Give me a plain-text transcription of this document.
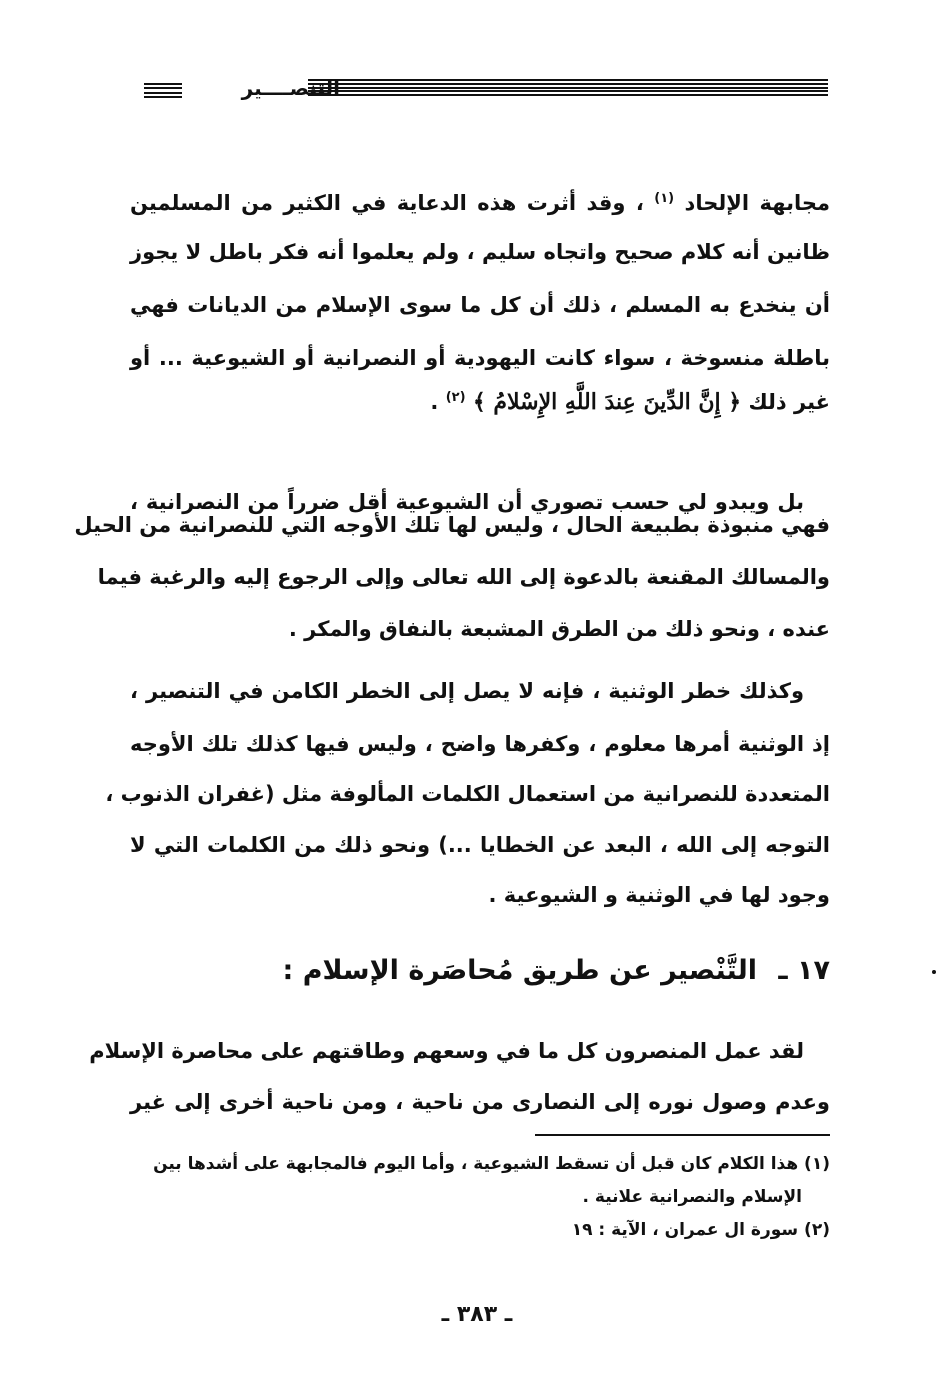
التنصــــير
مجابهة الإلحاد $^{(١)}$ ، وقد أثرت هذه الدعاية في الكثير من المسلمين
ظانين أنه كلام صحيح واتجاه سليم ، ولم يعلموا أنه فكر باطل لا يجوز
أن ينخدع به المسلم ، ذلك أن كل ما سوى الإسلام من الديانات فهي
باطلة منسوخة ، سواء كانت اليهودية أو النصرانية أو الشيوعية ... أو
غير ذلك ﴿ إِنَّ الدِّينَ عِندَ اللَّهِ الإِسْلامُ ﴾ $^{(٢)}$ .
بل ويبدو لي حسب تصوري أن الشيوعية أقل ضرراً من النصرانية ،
فهي منبوذة بطبيعة الحال ، وليس لها تلك الأوجه التي للنصرانية من الحيل
والمسالك المقنعة بالدعوة إلى الله تعالى وإلى الرجوع إليه والرغبة فيما
عنده ، ونحو ذلك من الطرق المشبعة بالنفاق والمكر .
وكذلك خطر الوثنية ، فإنه لا يصل إلى الخطر الكامن في التنصير ،
إذ الوثنية أمرها معلوم ، وكفرها واضح ، وليس فيها كذلك تلك الأوجه
المتعددة للنصرانية من استعمال الكلمات المألوفة مثل (غفران الذنوب ،
التوجه إلى الله ، البعد عن الخطايا ...) ونحو ذلك من الكلمات التي لا
وجود لها في الوثنية و الشيوعية .
١٧ ـ التَّنْصير عن طريق مُحاصَرة الإسلام :
لقد عمل المنصرون كل ما في وسعهم وطاقتهم على محاصرة الإسلام
وعدم وصول نوره إلى النصارى من ناحية ، ومن ناحية أخرى إلى غير
(١) هذا الكلام كان قبل أن تسقط الشيوعية ، وأما اليوم فالمجابهة على أشدها بين
الإسلام والنصرانية علانية .
(٢) سورة ال عمران ، الآية : ١٩
ـ ٣٨٣ ـ
